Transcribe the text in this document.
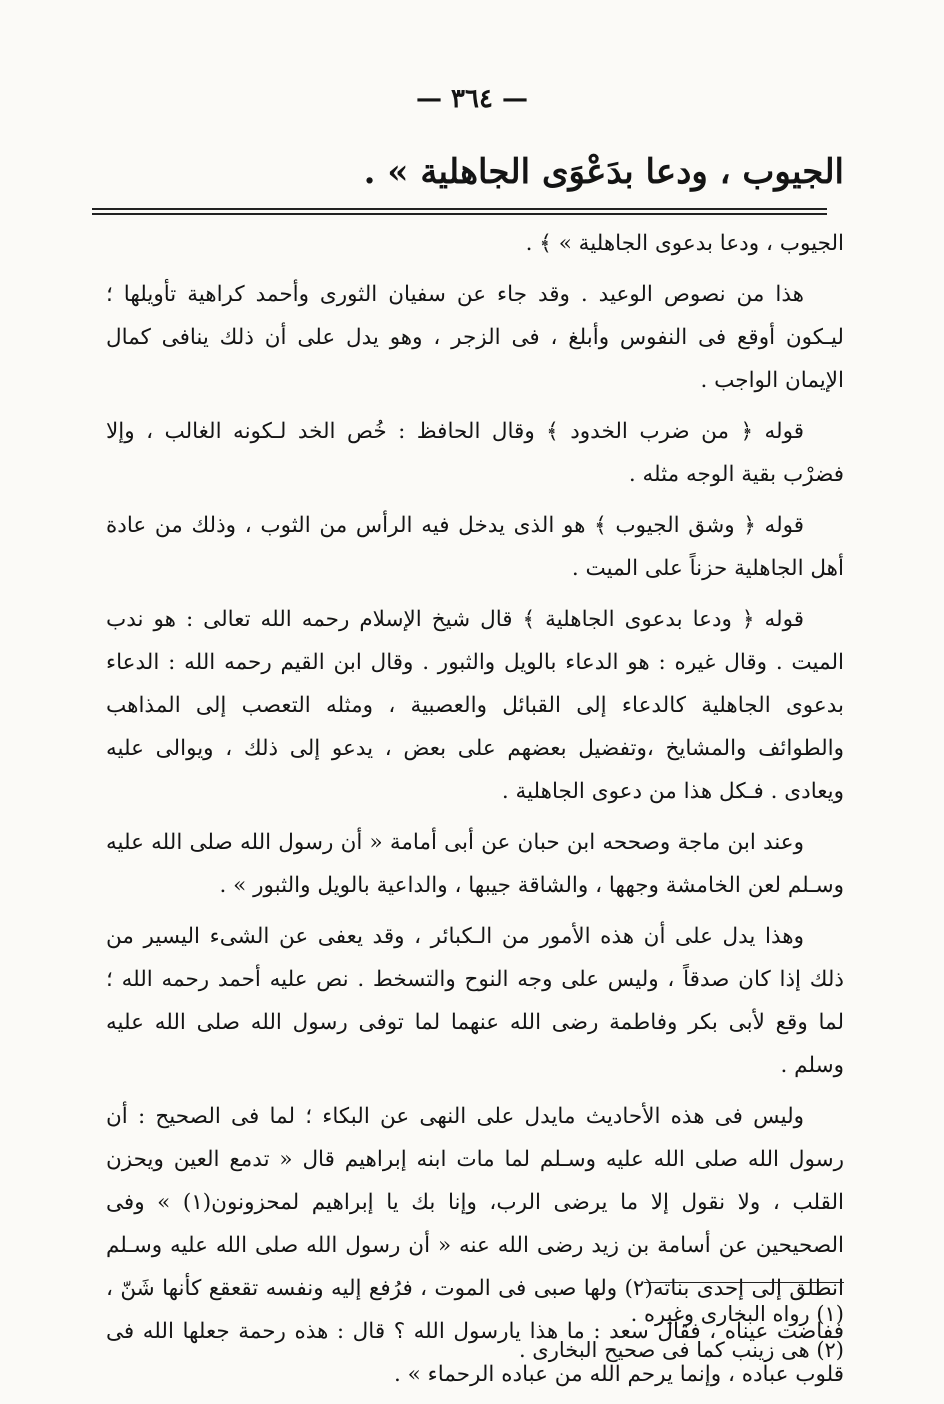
— ٣٦٤ —
الجيوب ، ودعا بدَعْوَى الجاهلية » .

الجيوب ، ودعا بدعوى الجاهلية » ﴾ .

هذا من نصوص الوعيد . وقد جاء عن سفيان الثورى وأحمد كراهية تأويلها ؛ ليـكون أوقع فى النفوس وأبلغ ، فى الزجر ، وهو يدل على أن ذلك ينافى كمال الإيمان الواجب .

قوله ﴿ من ضرب الخدود ﴾ وقال الحافظ : خُص الخد لـكونه الغالب ، وإلا فضرْب بقية الوجه مثله .

قوله ﴿ وشق الجيوب ﴾ هو الذى يدخل فيه الرأس من الثوب ، وذلك من عادة أهل الجاهلية حزناً على الميت .

قوله ﴿ ودعا بدعوى الجاهلية ﴾ قال شيخ الإسلام رحمه الله تعالى : هو ندب الميت . وقال غيره : هو الدعاء بالويل والثبور . وقال ابن القيم رحمه الله : الدعاء بدعوى الجاهلية كالدعاء إلى القبائل والعصبية ، ومثله التعصب إلى المذاهب والطوائف والمشايخ ،وتفضيل بعضهم على بعض ، يدعو إلى ذلك ، ويوالى عليه ويعادى . فـكل هذا من دعوى الجاهلية .

وعند ابن ماجة وصححه ابن حبان عن أبى أمامة « أن رسول الله صلى الله عليه وسـلم لعن الخامشة وجهها ، والشاقة جيبها ، والداعية بالويل والثبور » .

وهذا يدل على أن هذه الأمور من الـكبائر ، وقد يعفى عن الشىء اليسير من ذلك إذا كان صدقاً ، وليس على وجه النوح والتسخط . نص عليه أحمد رحمه الله ؛ لما وقع لأبى بكر وفاطمة رضى الله عنهما لما توفى رسول الله صلى الله عليه وسلم .

وليس فى هذه الأحاديث مايدل على النهى عن البكاء ؛ لما فى الصحيح : أن رسول الله صلى الله عليه وسـلم لما مات ابنه إبراهيم قال « تدمع العين ويحزن القلب ، ولا نقول إلا ما يرضى الرب، وإنا بك يا إبراهيم لمحزونون(١) » وفى الصحيحين عن أسامة بن زيد رضى الله عنه « أن رسول الله صلى الله عليه وسـلم انطلق إلى إحدى بناته(٢) ولها صبى فى الموت ، فرُفع إليه ونفسه تقعقع كأنها شَنّ ، ففاضت عيناه ، فقال سعد : ما هذا يارسول الله ؟ قال : هذه رحمة جعلها الله فى قلوب عباده ، وإنما يرحم الله من عباده الرحماء » .

(١) رواه البخارى وغيره .
(٢) هى زينب كما فى صحيح البخارى .
